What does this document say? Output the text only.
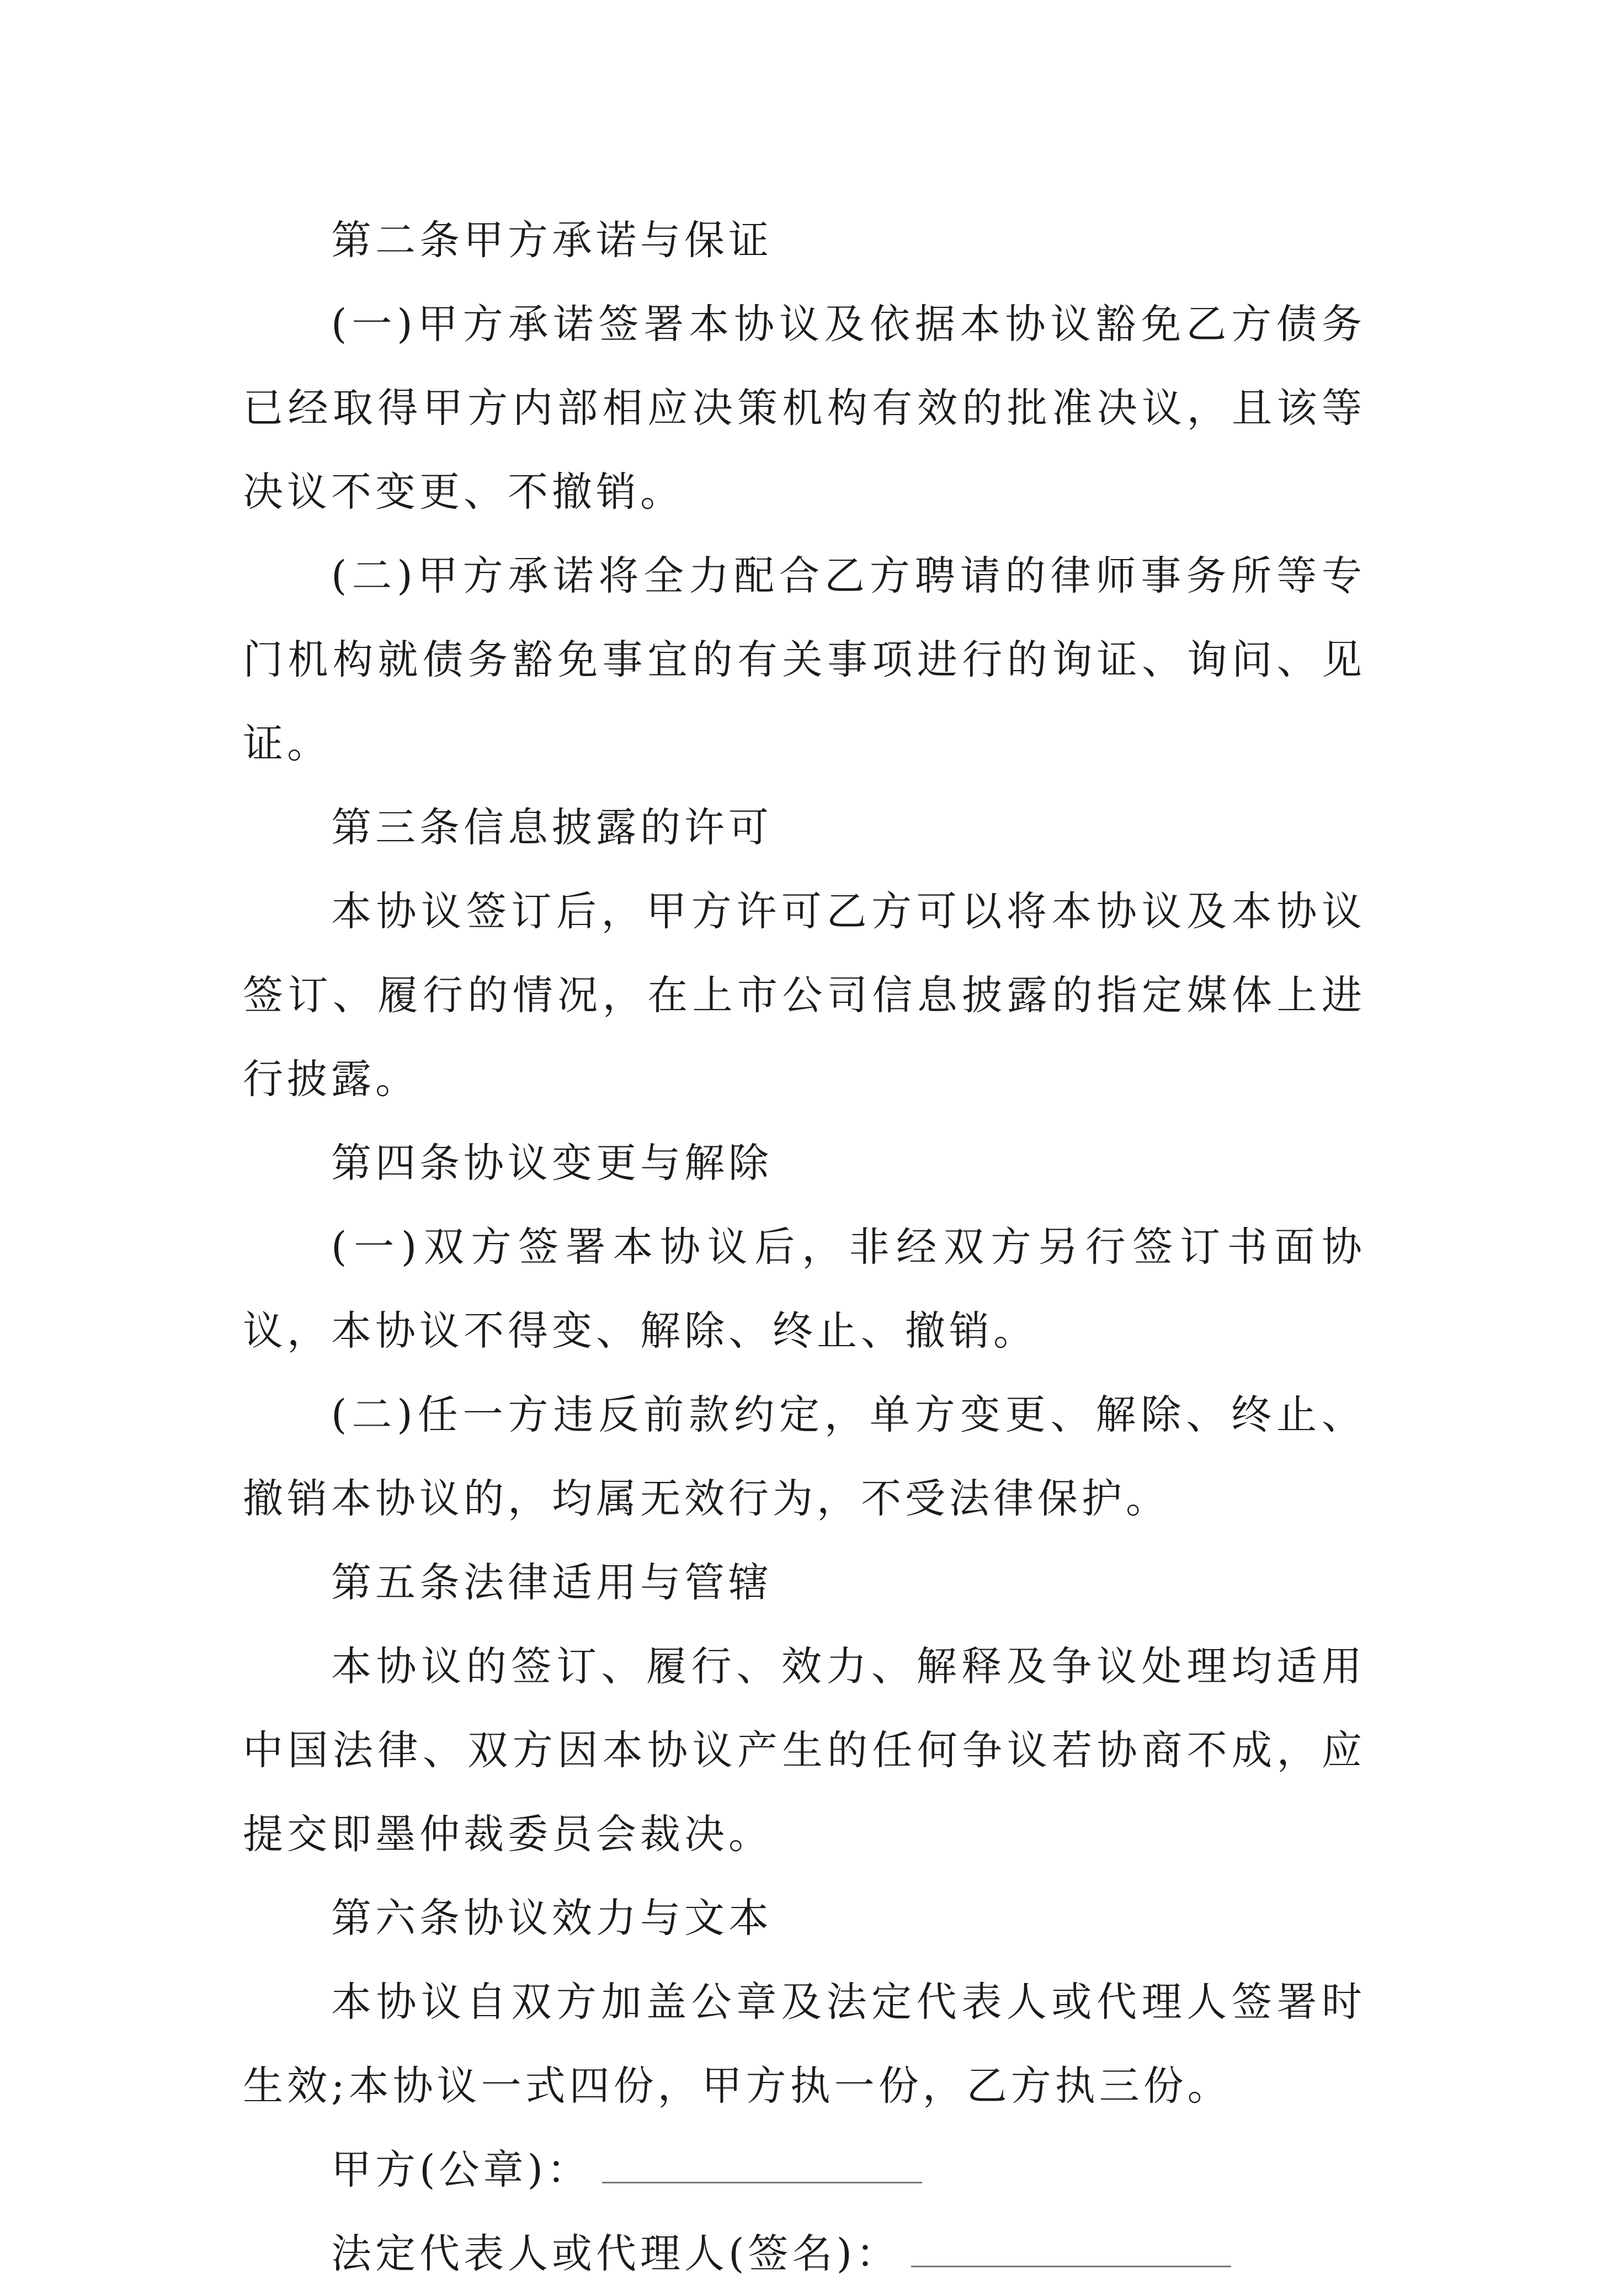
第二条甲方承诺与保证

(一)甲方承诺签署本协议及依据本协议豁免乙方债务已经取得甲方内部相应决策机构有效的批准决议，且该等决议不变更、不撤销。

(二)甲方承诺将全力配合乙方聘请的律师事务所等专门机构就债务豁免事宜的有关事项进行的询证、询问、见证。

第三条信息披露的许可

本协议签订后，甲方许可乙方可以将本协议及本协议签订、履行的情况，在上市公司信息披露的指定媒体上进行披露。

第四条协议变更与解除

(一)双方签署本协议后，非经双方另行签订书面协议，本协议不得变、解除、终止、撤销。

(二)任一方违反前款约定，单方变更、解除、终止、撤销本协议的，均属无效行为，不受法律保护。

第五条法律适用与管辖

本协议的签订、履行、效力、解释及争议处理均适用中国法律、双方因本协议产生的任何争议若协商不成，应提交即墨仲裁委员会裁决。

第六条协议效力与文本

本协议自双方加盖公章及法定代表人或代理人签署时生效;本协议一式四份，甲方执一份，乙方执三份。

甲方(公章)：

法定代表人或代理人(签名)：
